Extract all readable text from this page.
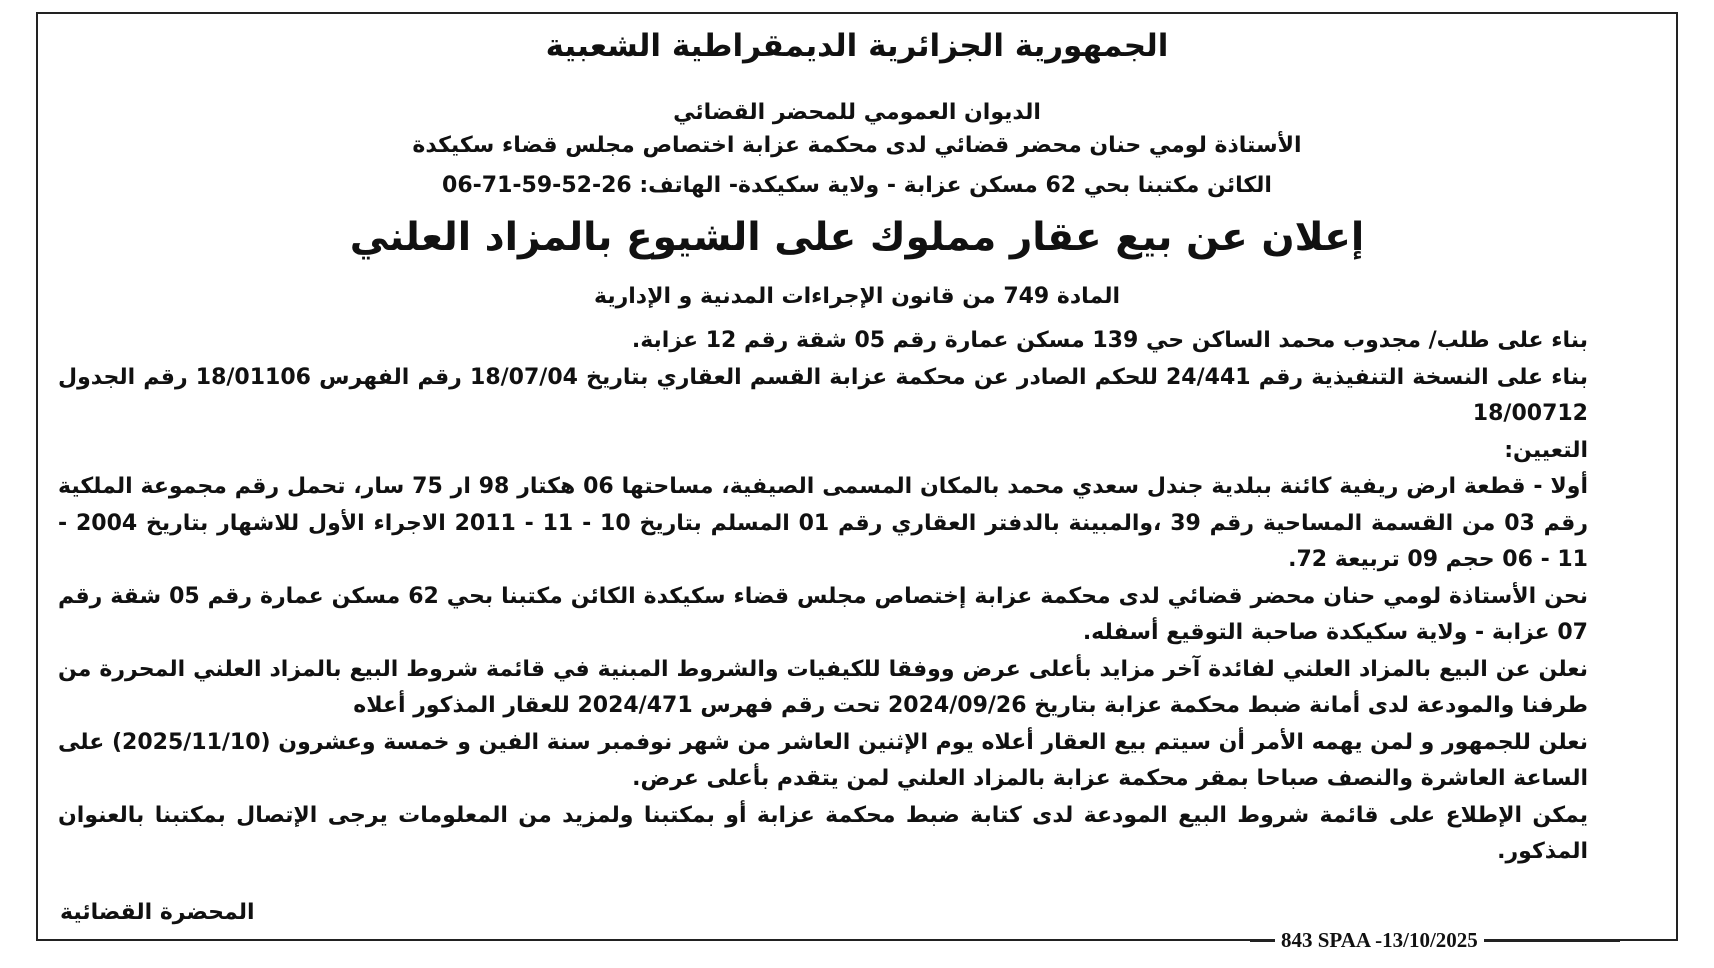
الجمهورية الجزائرية الديمقراطية الشعبية
الديوان العمومي للمحضر القضائي
الأستاذة لومي حنان محضر قضائي لدى محكمة عزابة اختصاص مجلس قضاء سكيكدة
الكائن مكتبنا بحي 62 مسكن عزابة - ولاية سكيكدة- الهاتف: 26-52-59-71-06
إعلان عن بيع عقار مملوك على الشيوع بالمزاد العلني
المادة 749 من قانون الإجراءات المدنية و الإدارية

بناء على طلب/ مجدوب محمد الساكن حي 139 مسكن عمارة رقم 05 شقة رقم 12 عزابة.

بناء على النسخة التنفيذية رقم 24/441 للحكم الصادر عن محكمة عزابة القسم العقاري بتاريخ 18/07/04 رقم الفهرس 18/01106 رقم الجدول 18/00712

التعيين:

أولا - قطعة ارض ريفية كائنة ببلدية جندل سعدي محمد بالمكان المسمى الصيفية، مساحتها 06 هكتار 98 ار 75 سار، تحمل رقم مجموعة الملكية رقم 03 من القسمة المساحية رقم 39 ،والمبينة بالدفتر العقاري رقم 01 المسلم بتاريخ 10 - 11 - 2011 الاجراء الأول للاشهار بتاريخ 2004 - 11 - 06 حجم 09 تربيعة 72.

نحن الأستاذة لومي حنان محضر قضائي لدى محكمة عزابة إختصاص مجلس قضاء سكيكدة الكائن مكتبنا بحي 62 مسكن عمارة رقم 05 شقة رقم 07 عزابة - ولاية سكيكدة صاحبة التوقيع أسفله.

نعلن عن البيع بالمزاد العلني لفائدة آخر مزايد بأعلى عرض ووفقا للكيفيات والشروط المبنية في قائمة شروط البيع بالمزاد العلني المحررة من طرفنا والمودعة لدى أمانة ضبط محكمة عزابة بتاريخ 2024/09/26 تحت رقم فهرس 2024/471 للعقار المذكور أعلاه

نعلن للجمهور و لمن يهمه الأمر أن سيتم بيع العقار أعلاه يوم الإثنين العاشر من شهر نوفمبر سنة الفين و خمسة وعشرون (2025/11/10) على الساعة العاشرة والنصف صباحا بمقر محكمة عزابة بالمزاد العلني لمن يتقدم بأعلى عرض.

يمكن الإطلاع على قائمة شروط البيع المودعة لدى كتابة ضبط محكمة عزابة أو بمكتبنا ولمزيد من المعلومات يرجى الإتصال بمكتبنا بالعنوان المذكور.

المحضرة القضائية
843 SPAA -13/10/2025
